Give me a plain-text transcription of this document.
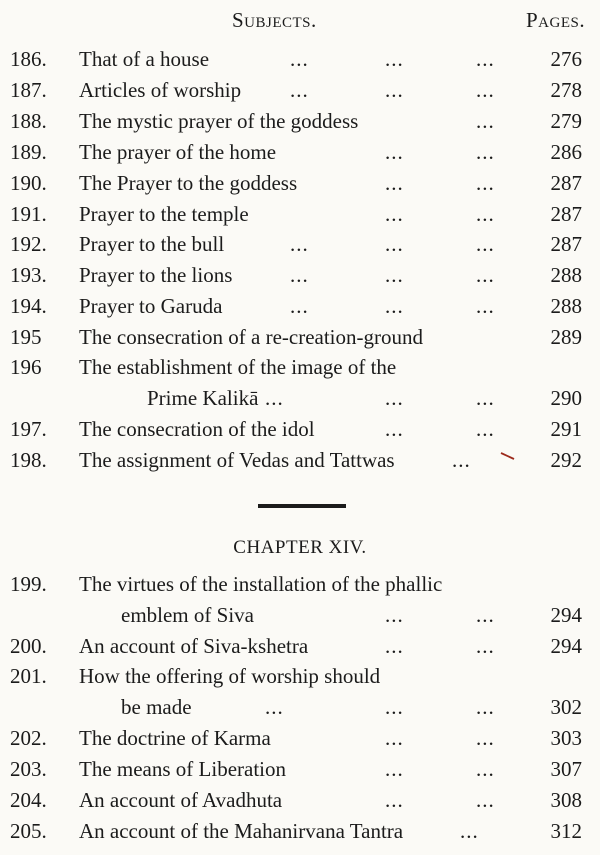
Subjects.	Pages.
186. That of a house	...	...	...	276
187. Articles of worship ...	...	...	278
188. The mystic prayer of the goddess	...	279
189. The prayer of the home	...	...	286
190. The Prayer to the goddess	...	...	287
191. Prayer to the temple	...	...	287
192. Prayer to the bull	...	...	...	287
193. Prayer to the lions	...	...	...	288
194. Prayer to Garuda	...	...	...	288
195 The consecration of a re-creation-ground	289
196 The establishment of the image of the
Prime Kalikā ...	...	...	290
197. The consecration of the idol	...	...	291
198. The assignment of Vedas and Tattwas	...	292
CHAPTER XIV.
199. The virtues of the installation of the phallic
emblem of Siva	...	...	294
200. An account of Siva-kshetra	...	...	294
201. How the offering of worship should
be made	...	...	...	302
202. The doctrine of Karma	...	...	303
203. The means of Liberation	...	...	307
204. An account of Avadhuta	...	...	308
205. An account of the Mahanirvana Tantra	...	312
